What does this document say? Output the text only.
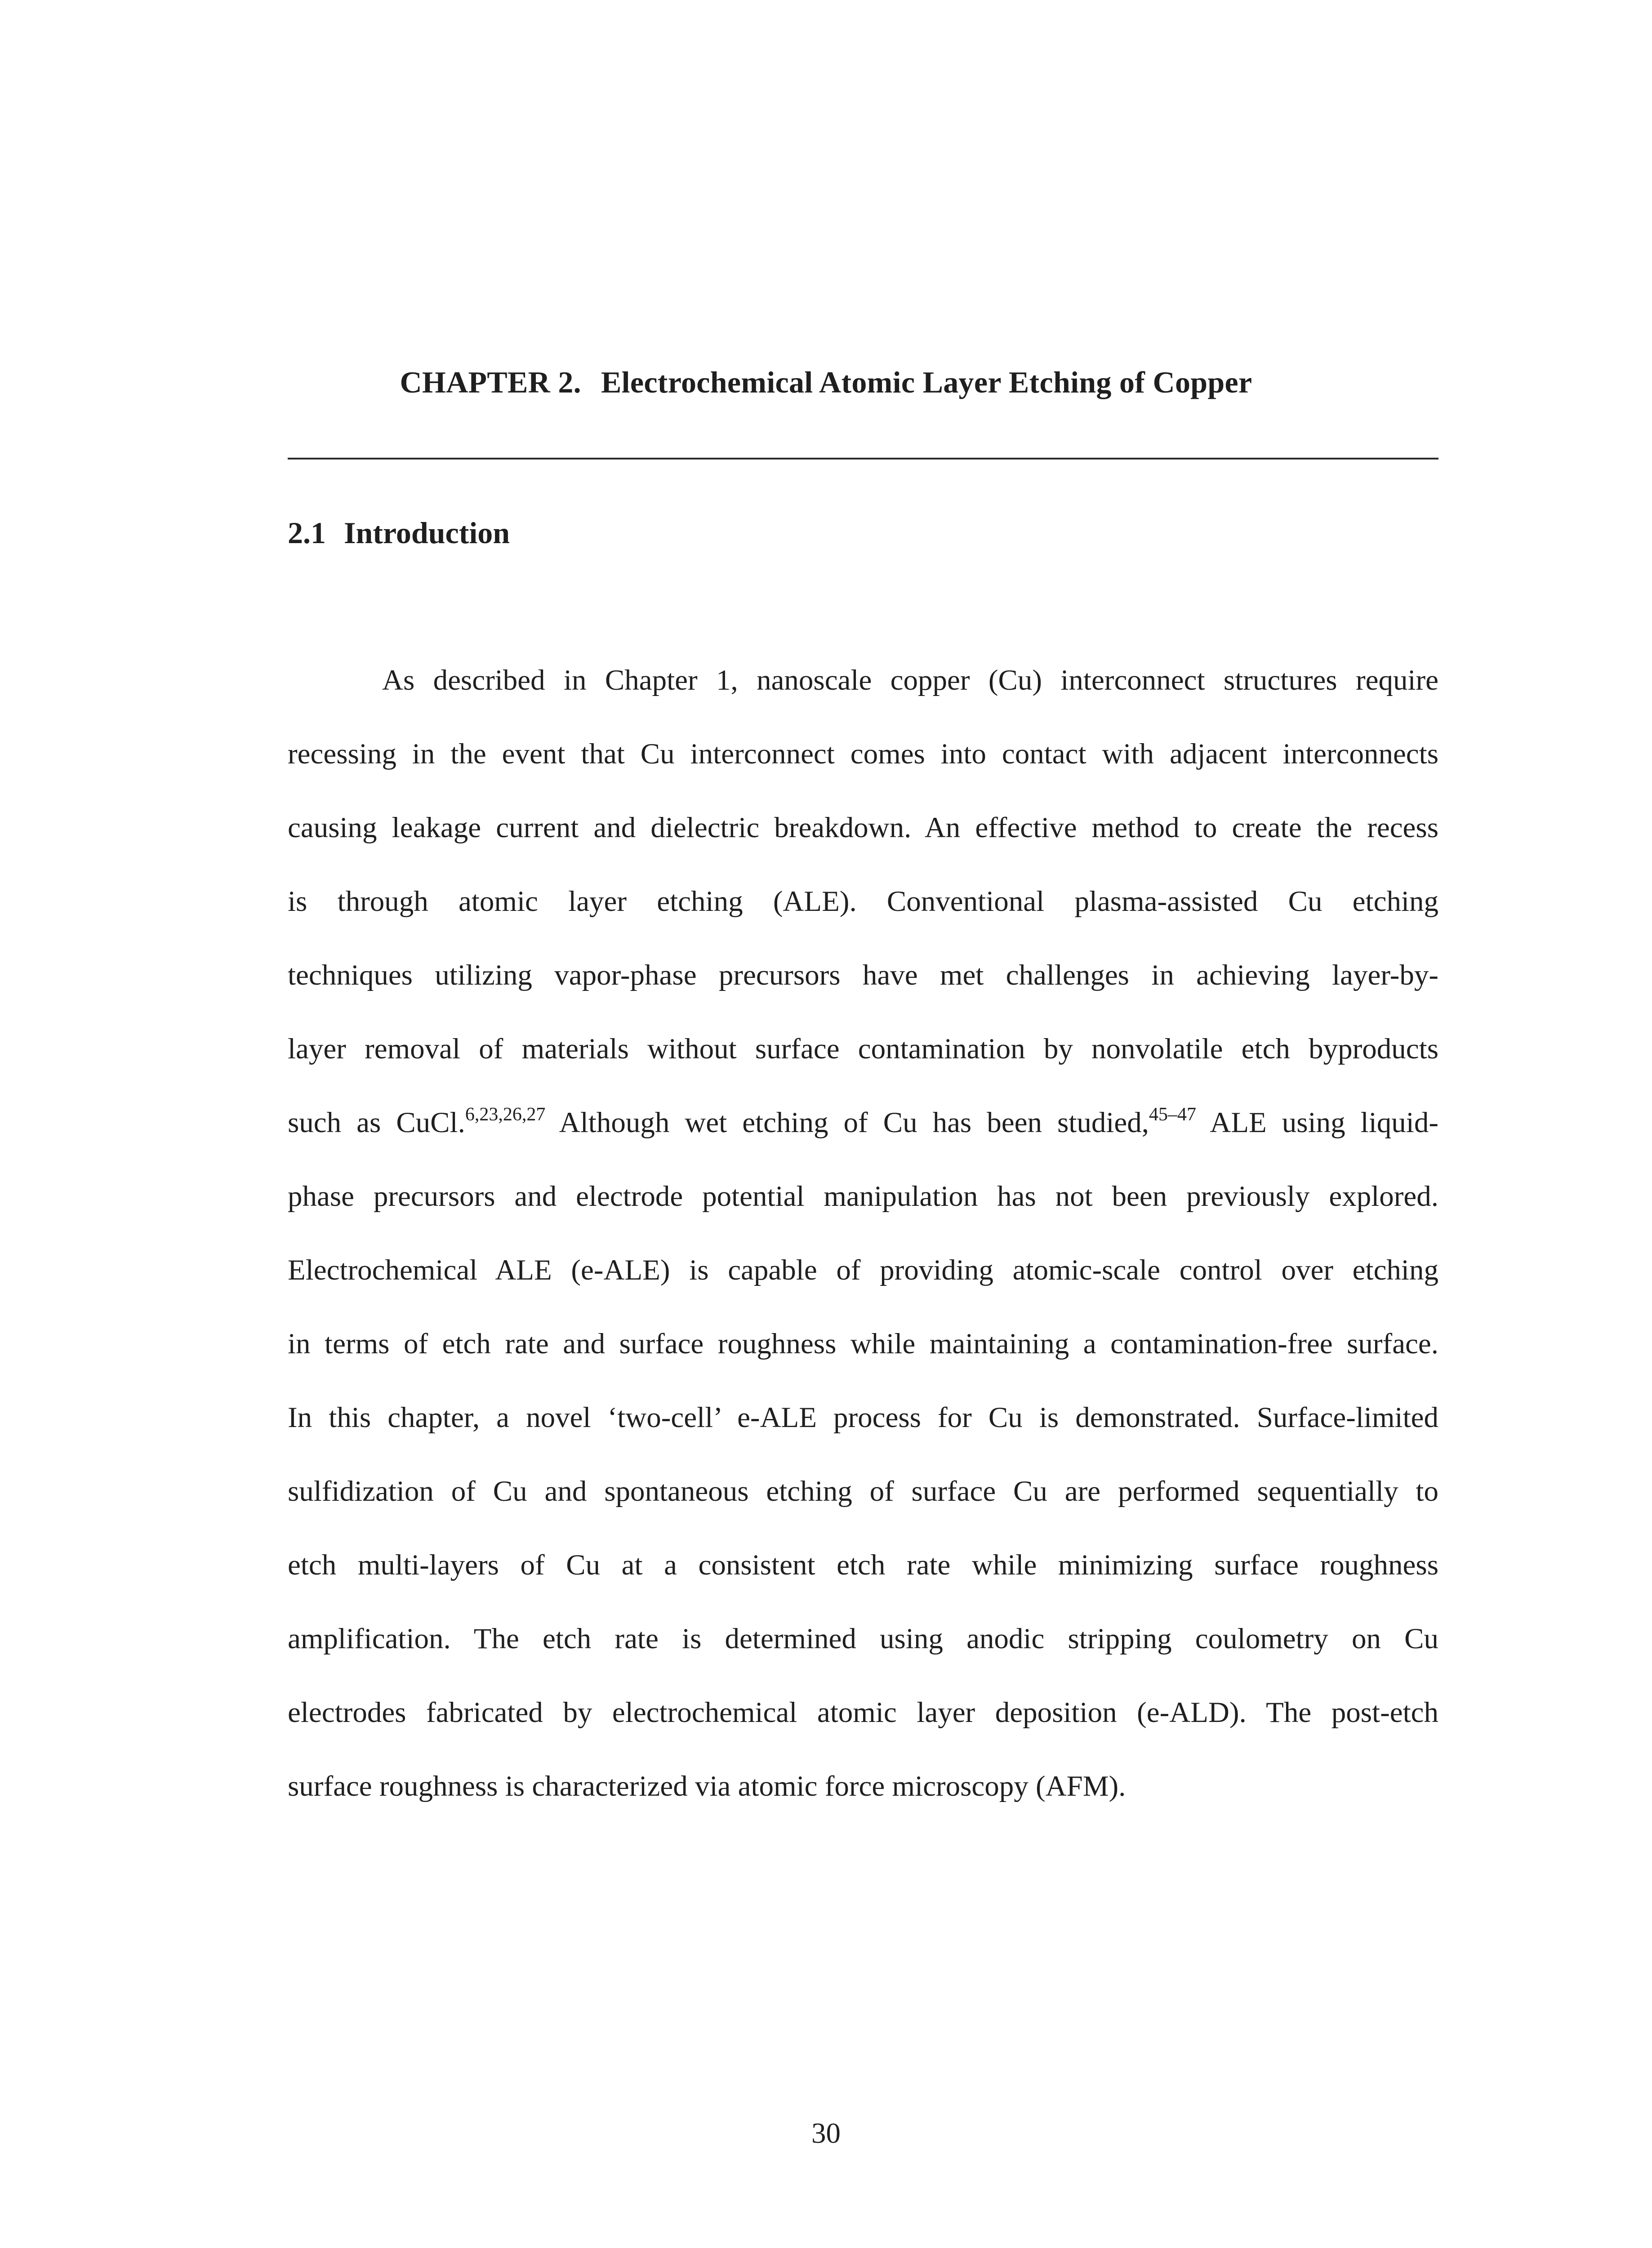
CHAPTER 2. Electrochemical Atomic Layer Etching of Copper
2.1 Introduction
As described in Chapter 1, nanoscale copper (Cu) interconnect structures require
recessing in the event that Cu interconnect comes into contact with adjacent interconnects
causing leakage current and dielectric breakdown. An effective method to create the recess
is through atomic layer etching (ALE). Conventional plasma-assisted Cu etching
techniques utilizing vapor-phase precursors have met challenges in achieving layer-by-
layer removal of materials without surface contamination by nonvolatile etch byproducts
such as CuCl.$^{6,23,26,27}$ Although wet etching of Cu has been studied,$^{45-47}$ ALE using liquid-
phase precursors and electrode potential manipulation has not been previously explored.
Electrochemical ALE (e-ALE) is capable of providing atomic-scale control over etching
in terms of etch rate and surface roughness while maintaining a contamination-free surface.
In this chapter, a novel ‘two-cell’ e-ALE process for Cu is demonstrated. Surface-limited
sulfidization of Cu and spontaneous etching of surface Cu are performed sequentially to
etch multi-layers of Cu at a consistent etch rate while minimizing surface roughness
amplification. The etch rate is determined using anodic stripping coulometry on Cu
electrodes fabricated by electrochemical atomic layer deposition (e-ALD). The post-etch
surface roughness is characterized via atomic force microscopy (AFM).
30
